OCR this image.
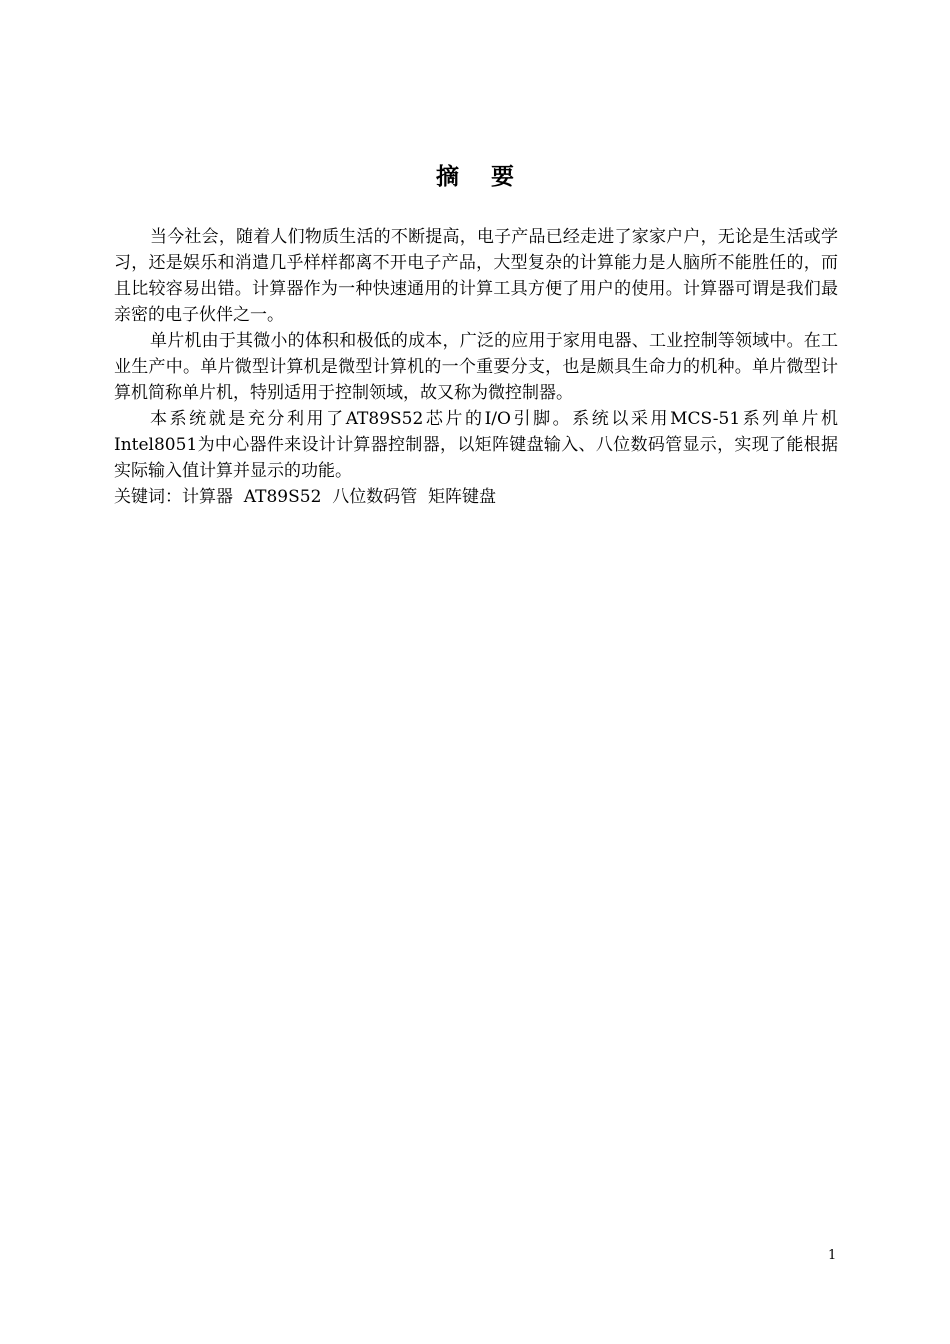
摘 要

当今社会，随着人们物质生活的不断提高，电子产品已经走进了家家户户，无论是生活或学习，还是娱乐和消遣几乎样样都离不开电子产品，大型复杂的计算能力是人脑所不能胜任的，而且比较容易出错。计算器作为一种快速通用的计算工具方便了用户的使用。计算器可谓是我们最亲密的电子伙伴之一。

单片机由于其微小的体积和极低的成本，广泛的应用于家用电器、工业控制等领域中。在工业生产中。单片微型计算机是微型计算机的一个重要分支，也是颇具生命力的机种。单片微型计算机简称单片机，特别适用于控制领域，故又称为微控制器。

本系统就是充分利用了AT89S52芯片的I/O引脚。系统以采用MCS-51系列单片机Intel8051为中心器件来设计计算器控制器，以矩阵键盘输入、八位数码管显示，实现了能根据实际输入值计算并显示的功能。

关键词：计算器  AT89S52  八位数码管  矩阵键盘

1
